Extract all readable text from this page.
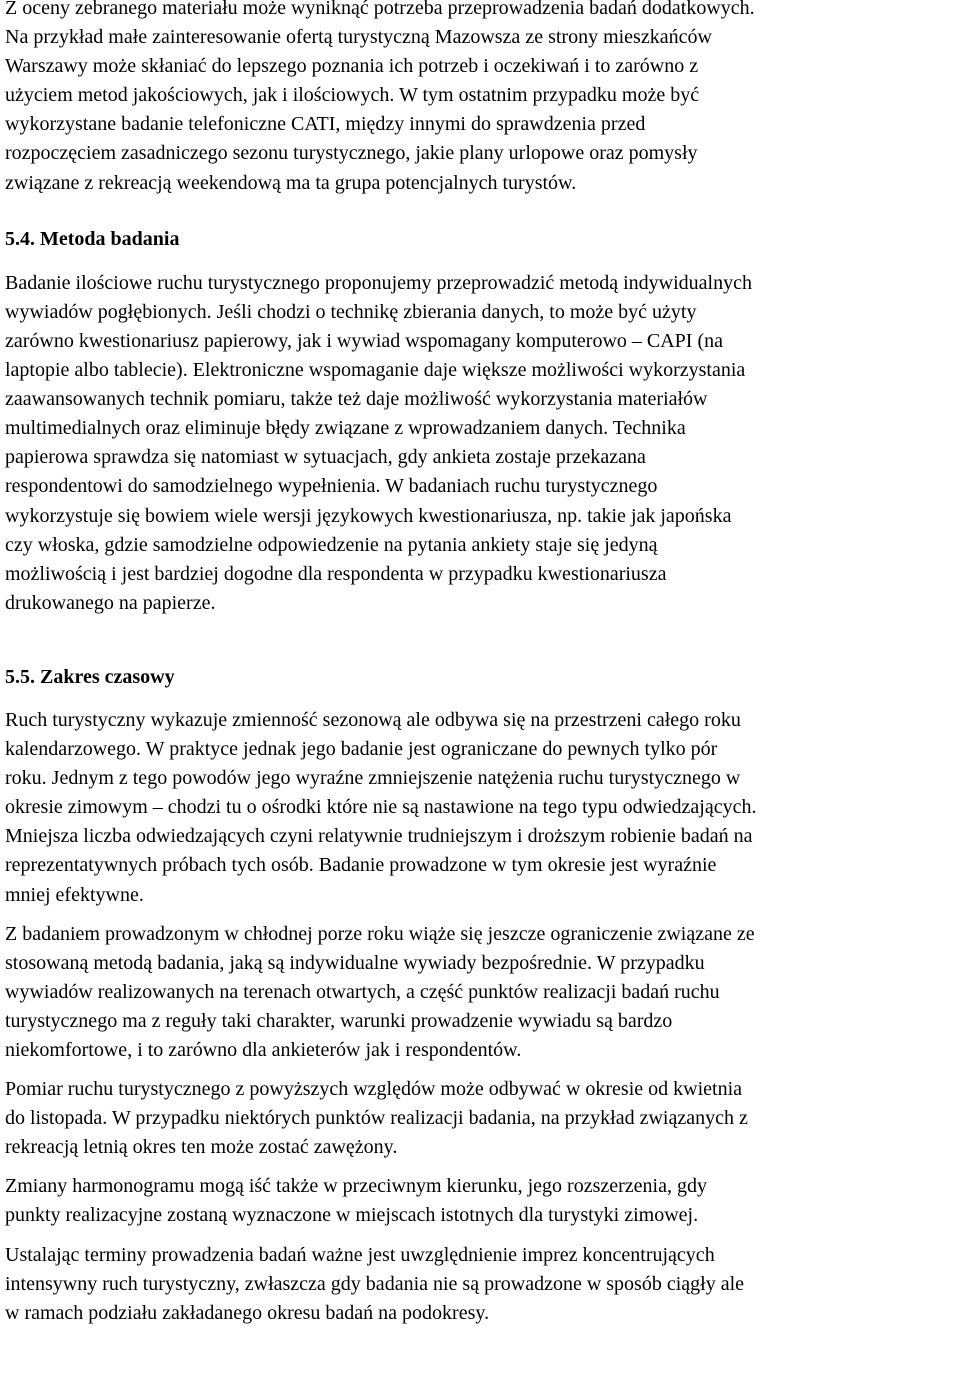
Z oceny zebranego materiału może wyniknąć potrzeba przeprowadzenia badań dodatkowych.
Na przykład małe zainteresowanie ofertą turystyczną Mazowsza ze strony mieszkańców
Warszawy może skłaniać do lepszego poznania ich potrzeb i oczekiwań i to zarówno z
użyciem metod jakościowych, jak i ilościowych. W tym ostatnim przypadku może być
wykorzystane badanie telefoniczne CATI, między innymi do sprawdzenia przed
rozpoczęciem zasadniczego sezonu turystycznego, jakie plany urlopowe oraz pomysły
związane z rekreacją weekendową ma ta grupa potencjalnych turystów.
5.4. Metoda badania
Badanie ilościowe ruchu turystycznego proponujemy przeprowadzić metodą indywidualnych
wywiadów pogłębionych. Jeśli chodzi o technikę zbierania danych, to może być użyty
zarówno kwestionariusz papierowy, jak i wywiad wspomagany komputerowo – CAPI (na
laptopie albo tablecie). Elektroniczne wspomaganie daje większe możliwości wykorzystania
zaawansowanych technik pomiaru, także też daje możliwość wykorzystania materiałów
multimedialnych oraz eliminuje błędy związane z wprowadzaniem danych. Technika
papierowa sprawdza się natomiast w sytuacjach, gdy ankieta zostaje przekazana
respondentowi do samodzielnego wypełnienia. W badaniach ruchu turystycznego
wykorzystuje się bowiem wiele wersji językowych kwestionariusza, np. takie jak japońska
czy włoska, gdzie samodzielne odpowiedzenie na pytania ankiety staje się jedyną
możliwością i jest bardziej dogodne dla respondenta w przypadku kwestionariusza
drukowanego na papierze.
5.5. Zakres czasowy
Ruch turystyczny wykazuje zmienność sezonową ale odbywa się na przestrzeni całego roku
kalendarzowego. W praktyce jednak jego badanie jest ograniczane do pewnych tylko pór
roku. Jednym z tego powodów jego wyraźne zmniejszenie natężenia ruchu turystycznego w
okresie zimowym – chodzi tu o ośrodki które nie są nastawione na tego typu odwiedzających.
Mniejsza liczba odwiedzających czyni relatywnie trudniejszym i droższym robienie badań na
reprezentatywnych próbach tych osób. Badanie prowadzone w tym okresie jest wyraźnie
mniej efektywne.
Z badaniem prowadzonym w chłodnej porze roku wiąże się jeszcze ograniczenie związane ze
stosowaną metodą badania, jaką są indywidualne wywiady bezpośrednie. W przypadku
wywiadów realizowanych na terenach otwartych, a część punktów realizacji badań ruchu
turystycznego ma z reguły taki charakter, warunki prowadzenie wywiadu są bardzo
niekomfortowe, i to zarówno dla ankieterów jak i respondentów.
Pomiar ruchu turystycznego z powyższych względów może odbywać w okresie od kwietnia
do listopada. W przypadku niektórych punktów realizacji badania, na przykład związanych z
rekreacją letnią okres ten może zostać zawężony.
Zmiany harmonogramu mogą iść także w przeciwnym kierunku, jego rozszerzenia, gdy
punkty realizacyjne zostaną wyznaczone w miejscach istotnych dla turystyki zimowej.
Ustalając terminy prowadzenia badań ważne jest uwzględnienie imprez koncentrujących
intensywny ruch turystyczny, zwłaszcza gdy badania nie są prowadzone w sposób ciągły ale
w ramach podziału zakładanego okresu badań na podokresy.
